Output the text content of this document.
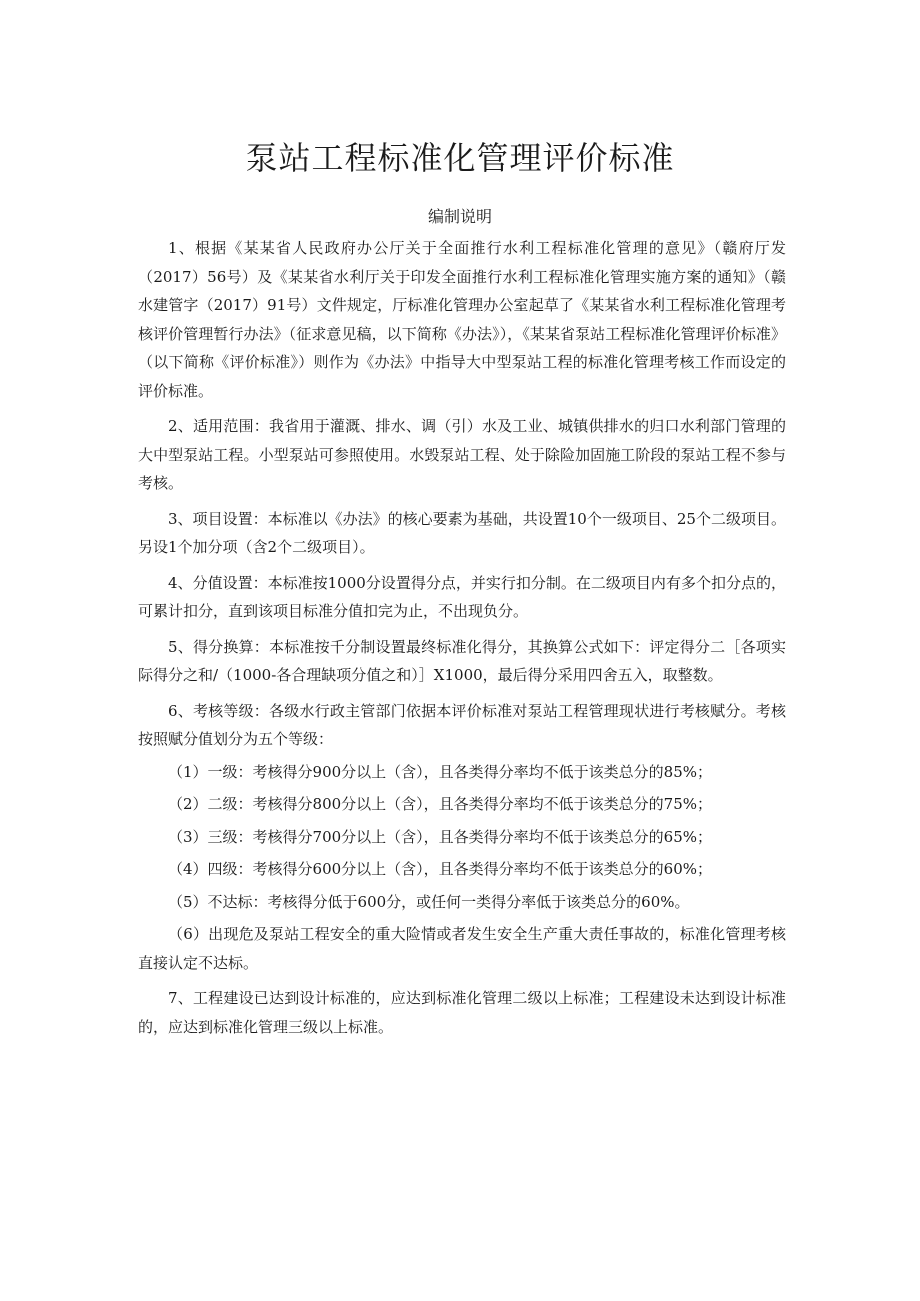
泵站工程标准化管理评价标准
编制说明

1、根据《某某省人民政府办公厅关于全面推行水利工程标准化管理的意见》（赣府厅发（2017）56号）及《某某省水利厅关于印发全面推行水利工程标准化管理实施方案的通知》（赣水建管字（2017）91号）文件规定，厅标准化管理办公室起草了《某某省水利工程标准化管理考核评价管理暂行办法》（征求意见稿，以下简称《办法》），《某某省泵站工程标准化管理评价标准》（以下简称《评价标准》）则作为《办法》中指导大中型泵站工程的标准化管理考核工作而设定的评价标准。

2、适用范围：我省用于灌溉、排水、调（引）水及工业、城镇供排水的归口水利部门管理的大中型泵站工程。小型泵站可参照使用。水毁泵站工程、处于除险加固施工阶段的泵站工程不参与考核。

3、项目设置：本标准以《办法》的核心要素为基础，共设置10个一级项目、25个二级项目。另设1个加分项（含2个二级项目）。

4、分值设置：本标准按1000分设置得分点，并实行扣分制。在二级项目内有多个扣分点的，可累计扣分，直到该项目标准分值扣完为止，不出现负分。

5、得分换算：本标准按千分制设置最终标准化得分，其换算公式如下：评定得分二［各项实际得分之和/（1000-各合理缺项分值之和）］X1000，最后得分采用四舍五入，取整数。

6、考核等级：各级水行政主管部门依据本评价标准对泵站工程管理现状进行考核赋分。考核按照赋分值划分为五个等级：

（1）一级：考核得分900分以上（含），且各类得分率均不低于该类总分的85%；

（2）二级：考核得分800分以上（含），且各类得分率均不低于该类总分的75%；

（3）三级：考核得分700分以上（含），且各类得分率均不低于该类总分的65%；

（4）四级：考核得分600分以上（含），且各类得分率均不低于该类总分的60%；

（5）不达标：考核得分低于600分，或任何一类得分率低于该类总分的60%。

（6）出现危及泵站工程安全的重大险情或者发生安全生产重大责任事故的，标准化管理考核直接认定不达标。

7、工程建设已达到设计标准的，应达到标准化管理二级以上标准；工程建设未达到设计标准的，应达到标准化管理三级以上标准。
